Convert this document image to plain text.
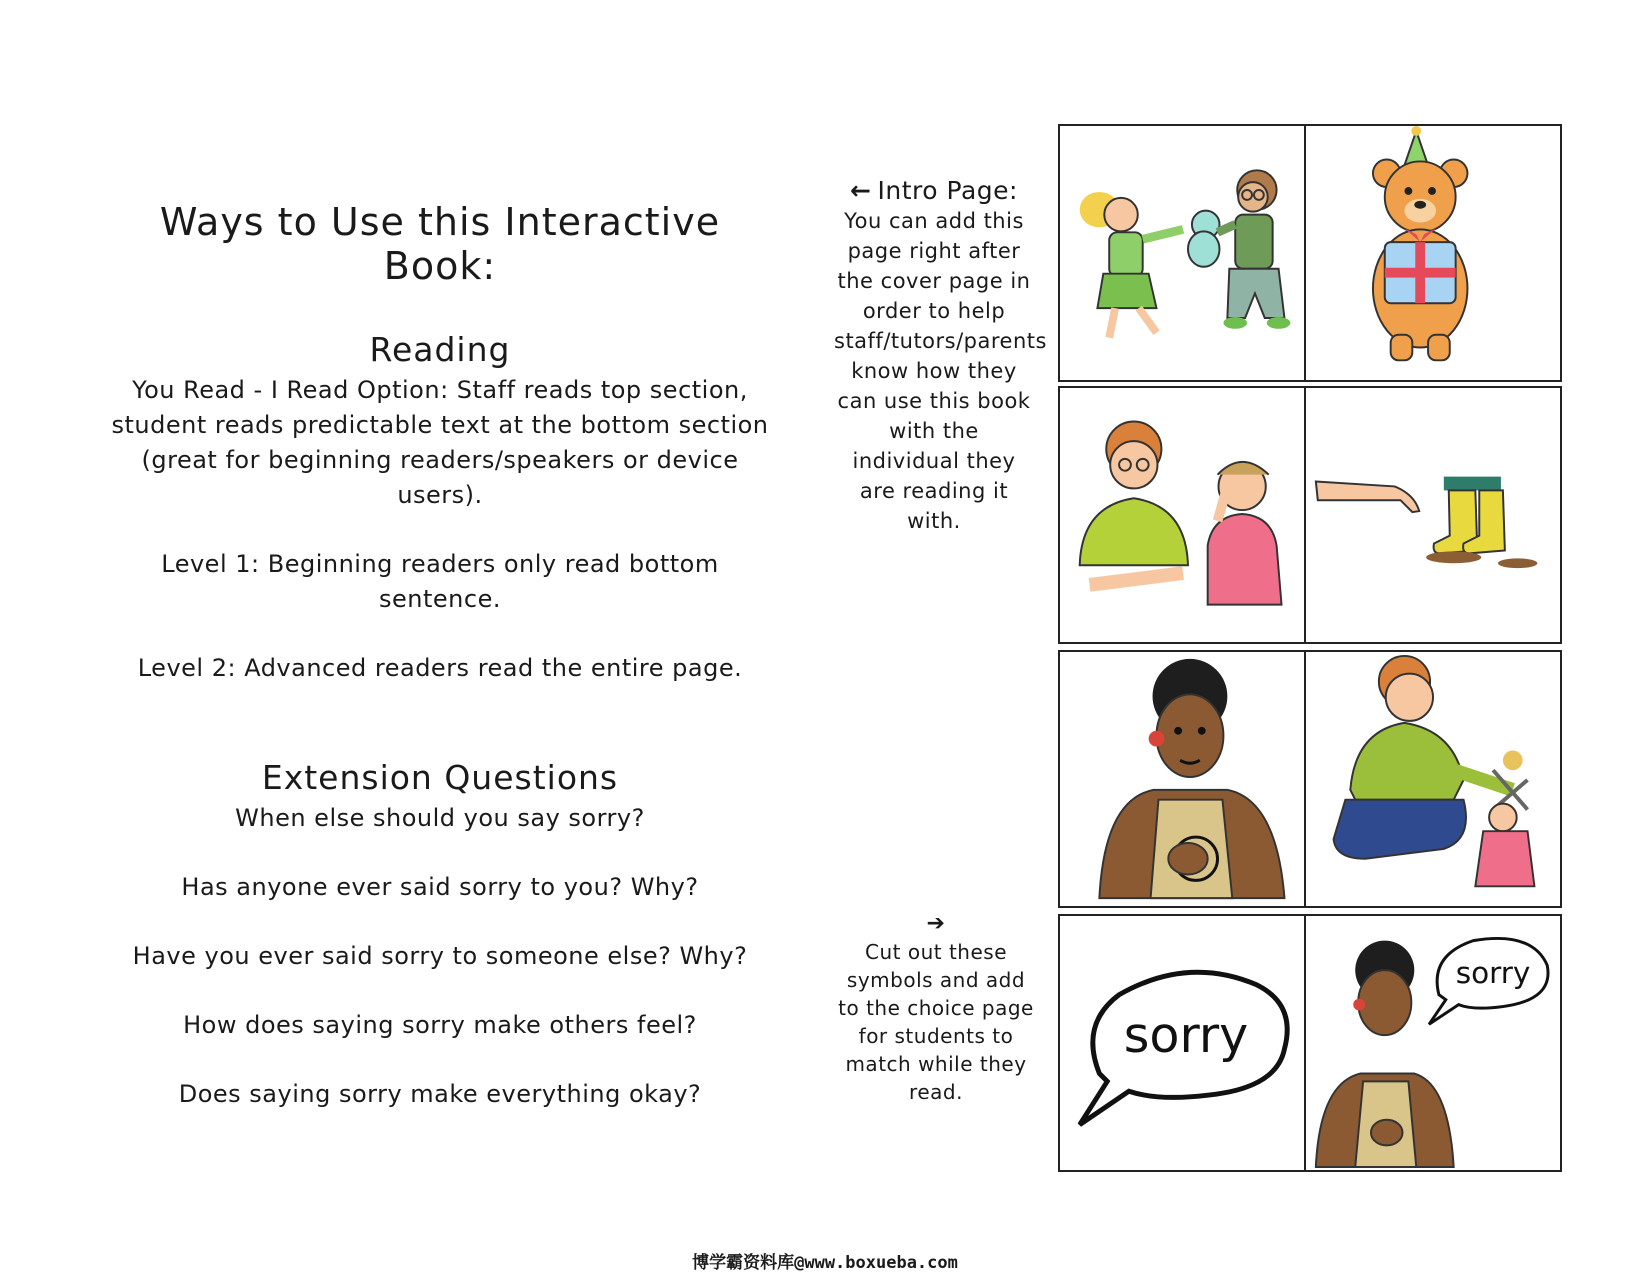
Ways to Use this Interactive Book:
Reading

You Read - I Read Option: Staff reads top section, student reads predictable text at the bottom section (great for beginning readers/speakers or device users).

Level 1: Beginning readers only read bottom sentence.

Level 2: Advanced readers read the entire page.

Extension Questions

When else should you say sorry?

Has anyone ever said sorry to you? Why?

Have you ever said sorry to someone else? Why?

How does saying sorry make others feel?

Does saying sorry make everything okay?

← Intro Page:
You can add this page right after the cover page in order to help staff/tutors/parents know how they can use this book with the individual they are reading it with.
➔
Cut out these symbols and add to the choice page for students to match while they read.
sorry
sorry
博学霸资料库@www.boxueba.com
